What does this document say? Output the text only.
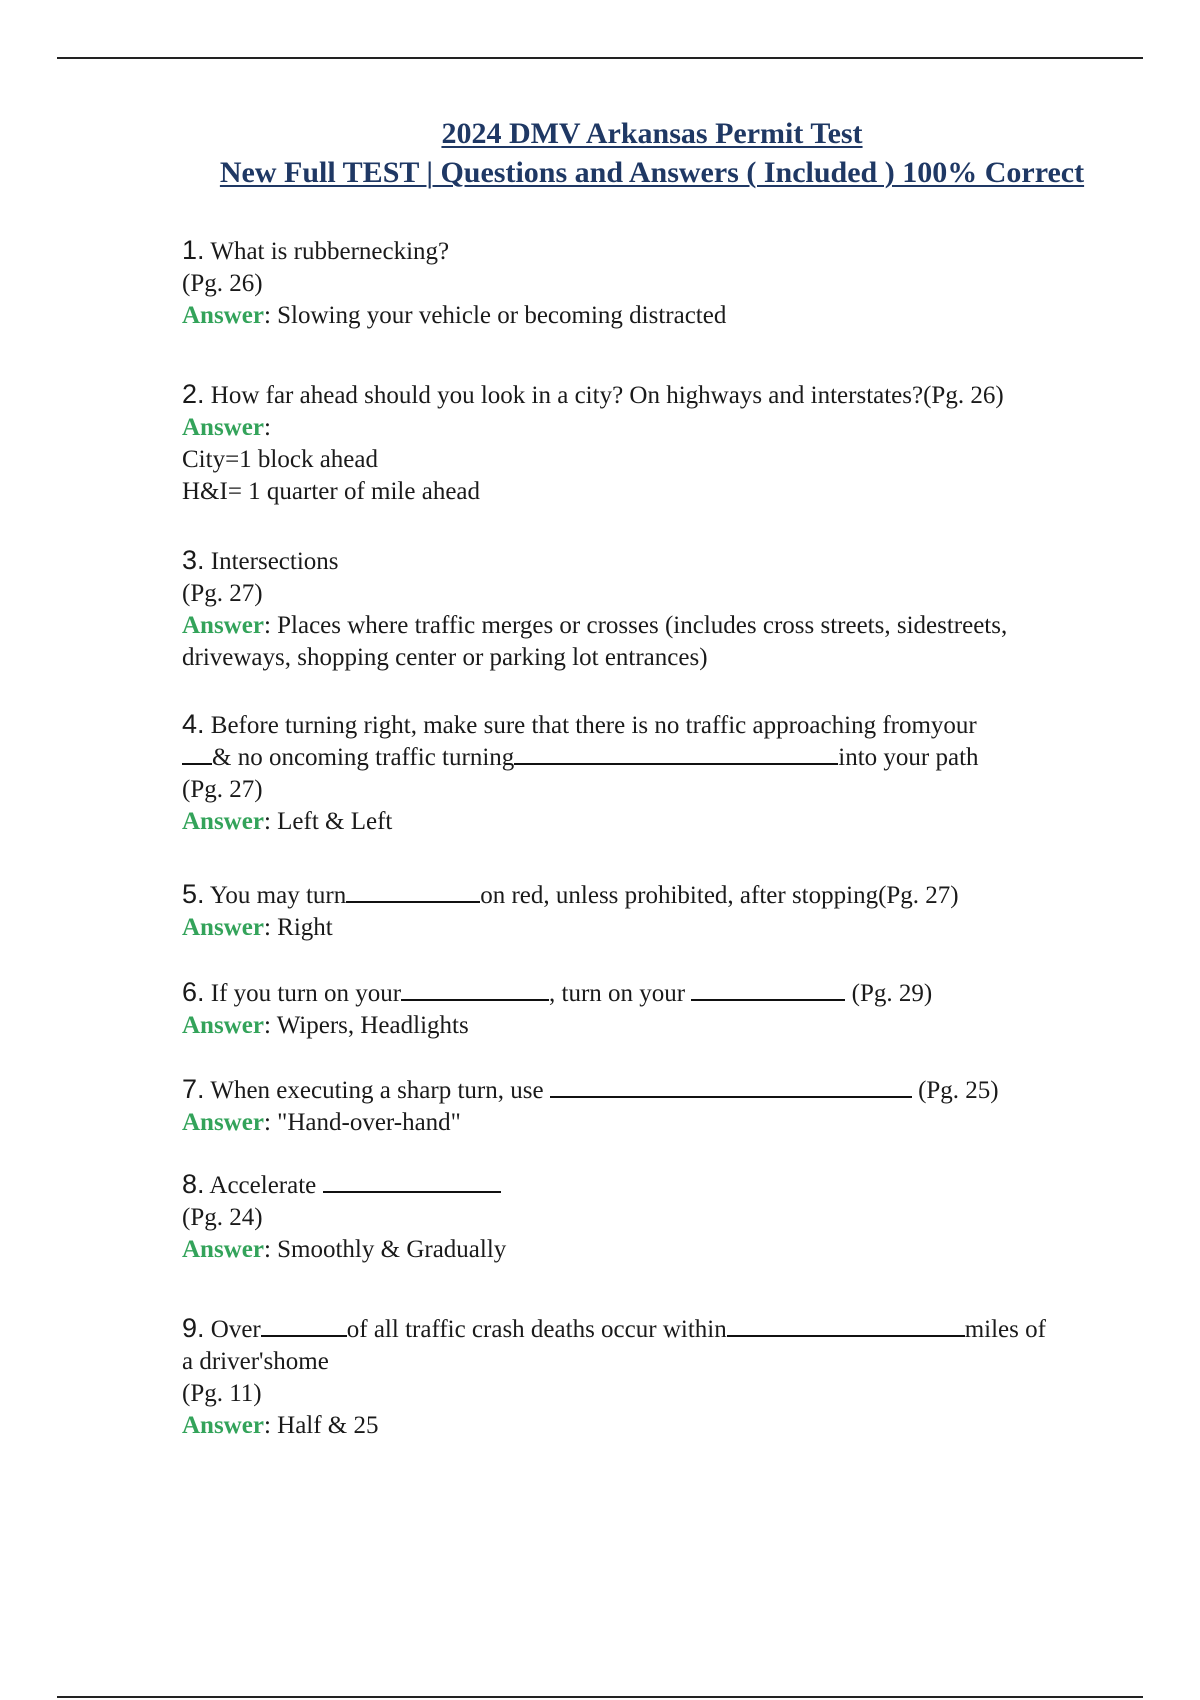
2024 DMV Arkansas Permit Test
New Full TEST | Questions and Answers ( Included ) 100% Correct
1. What is rubbernecking?
(Pg. 26)
Answer: Slowing your vehicle or becoming distracted
2. How far ahead should you look in a city? On highways and interstates?(Pg. 26)
Answer:
City=1 block ahead
H&I= 1 quarter of mile ahead
3. Intersections
(Pg. 27)
Answer: Places where traffic merges or crosses (includes cross streets, sidestreets,
driveways, shopping center or parking lot entrances)
4. Before turning right, make sure that there is no traffic approaching fromyour
& no oncoming traffic turning	into your path
(Pg. 27)
Answer: Left & Left
5. You may turn	on red, unless prohibited, after stopping(Pg. 27)
Answer: Right
6. If you turn on your	, turn on your	(Pg. 29)
Answer: Wipers, Headlights
7. When executing a sharp turn, use	(Pg. 25)
Answer: "Hand-over-hand"
8. Accelerate
(Pg. 24)
Answer: Smoothly & Gradually
9. Over	of all traffic crash deaths occur within	miles of
a driver'shome
(Pg. 11)
Answer: Half & 25
